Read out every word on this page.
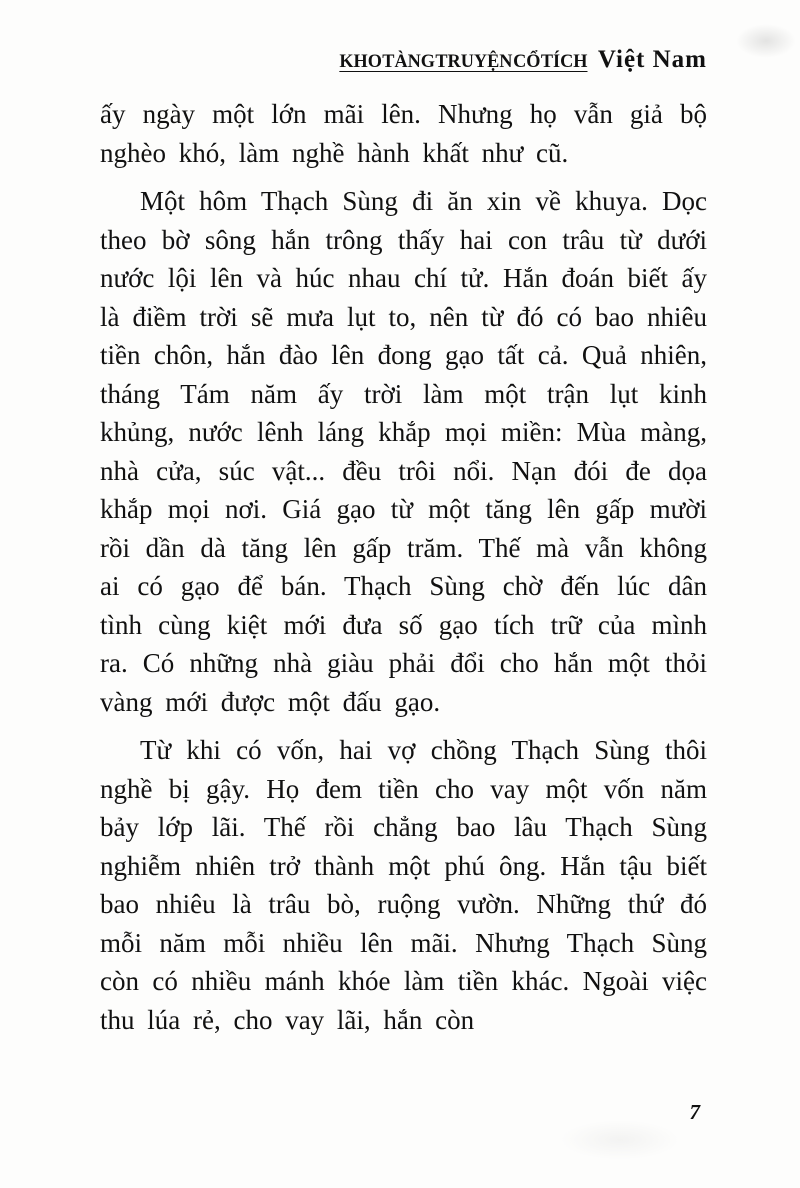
KHO TÀNG TRUYỆN CỔ TÍCH Việt Nam

ấy ngày một lớn mãi lên. Nhưng họ vẫn giả bộ nghèo khó, làm nghề hành khất như cũ.

Một hôm Thạch Sùng đi ăn xin về khuya. Dọc theo bờ sông hắn trông thấy hai con trâu từ dưới nước lội lên và húc nhau chí tử. Hắn đoán biết ấy là điềm trời sẽ mưa lụt to, nên từ đó có bao nhiêu tiền chôn, hắn đào lên đong gạo tất cả. Quả nhiên, tháng Tám năm ấy trời làm một trận lụt kinh khủng, nước lênh láng khắp mọi miền: Mùa màng, nhà cửa, súc vật... đều trôi nổi. Nạn đói đe dọa khắp mọi nơi. Giá gạo từ một tăng lên gấp mười rồi dần dà tăng lên gấp trăm. Thế mà vẫn không ai có gạo để bán. Thạch Sùng chờ đến lúc dân tình cùng kiệt mới đưa số gạo tích trữ của mình ra. Có những nhà giàu phải đổi cho hắn một thỏi vàng mới được một đấu gạo.

Từ khi có vốn, hai vợ chồng Thạch Sùng thôi nghề bị gậy. Họ đem tiền cho vay một vốn năm bảy lớp lãi. Thế rồi chẳng bao lâu Thạch Sùng nghiễm nhiên trở thành một phú ông. Hắn tậu biết bao nhiêu là trâu bò, ruộng vườn. Những thứ đó mỗi năm mỗi nhiều lên mãi. Nhưng Thạch Sùng còn có nhiều mánh khóe làm tiền khác. Ngoài việc thu lúa rẻ, cho vay lãi, hắn còn

7
